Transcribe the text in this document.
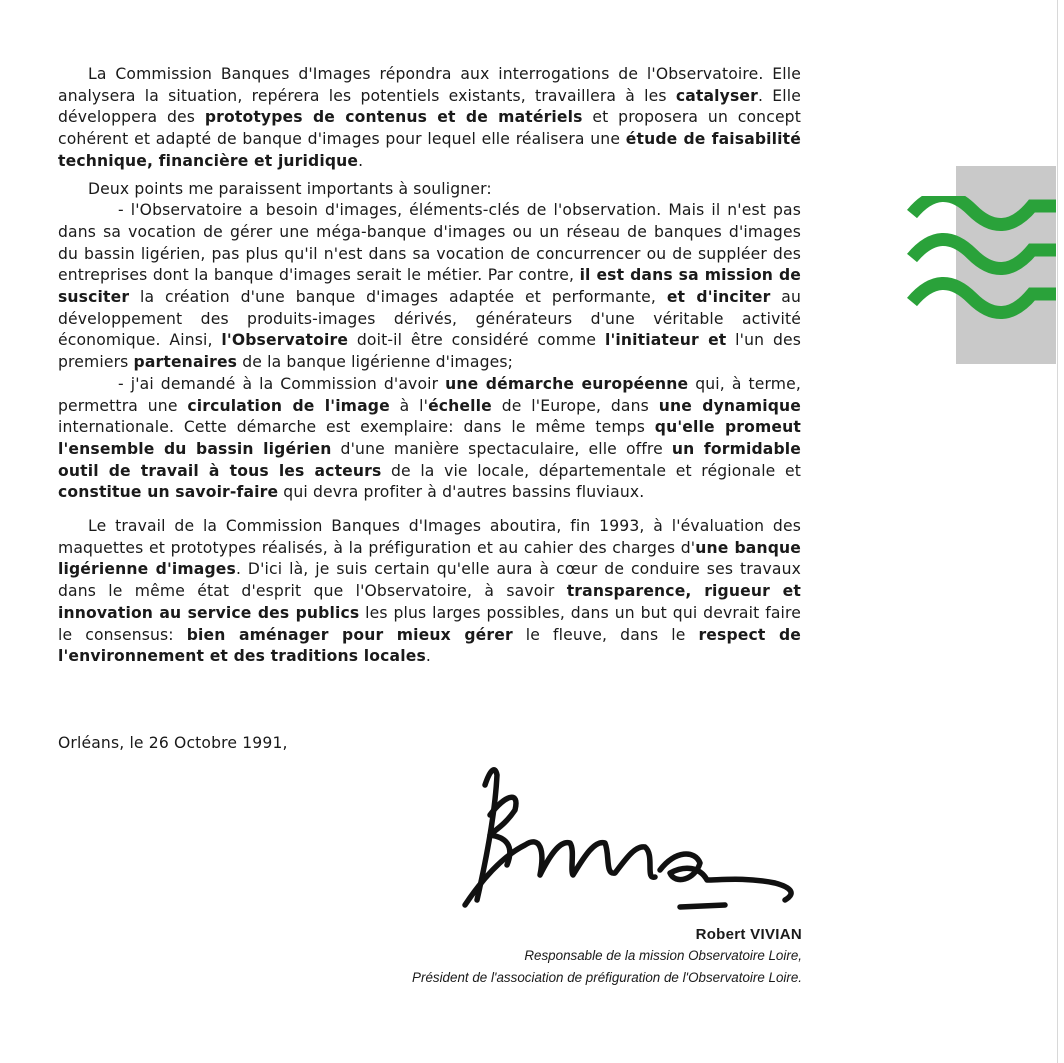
La Commission Banques d'Images répondra aux interrogations de l'Observatoire. Elle analysera la situation, repérera les potentiels existants, travaillera à les catalyser. Elle développera des prototypes de contenus et de matériels et proposera un concept cohérent et adapté de banque d'images pour lequel elle réalisera une étude de faisabilité technique, financière et juridique.

Deux points me paraissent importants à souligner:

- l'Observatoire a besoin d'images, éléments-clés de l'observation. Mais il n'est pas dans sa vocation de gérer une méga-banque d'images ou un réseau de banques d'images du bassin ligérien, pas plus qu'il n'est dans sa vocation de concurrencer ou de suppléer des entreprises dont la banque d'images serait le métier. Par contre, il est dans sa mission de susciter la création d'une banque d'images adaptée et performante, et d'inciter au développement des produits-images dérivés, générateurs d'une véritable activité économique. Ainsi, l'Observatoire doit-il être considéré comme l'initiateur et l'un des premiers partenaires de la banque ligérienne d'images;

- j'ai demandé à la Commission d'avoir une démarche européenne qui, à terme, permettra une circulation de l'image à l'échelle de l'Europe, dans une dynamique internationale. Cette démarche est exemplaire: dans le même temps qu'elle promeut l'ensemble du bassin ligérien d'une manière spectaculaire, elle offre un formidable outil de travail à tous les acteurs de la vie locale, départementale et régionale et constitue un savoir-faire qui devra profiter à d'autres bassins fluviaux.

Le travail de la Commission Banques d'Images aboutira, fin 1993, à l'évaluation des maquettes et prototypes réalisés, à la préfiguration et au cahier des charges d'une banque ligérienne d'images. D'ici là, je suis certain qu'elle aura à cœur de conduire ses travaux dans le même état d'esprit que l'Observatoire, à savoir transparence, rigueur et innovation au service des publics les plus larges possibles, dans un but qui devrait faire le consensus: bien aménager pour mieux gérer le fleuve, dans le respect de l'environnement et des traditions locales.

Orléans, le 26 Octobre 1991,
Robert VIVIAN
Responsable de la mission Observatoire Loire,
Président de l'association de préfiguration de l'Observatoire Loire.
